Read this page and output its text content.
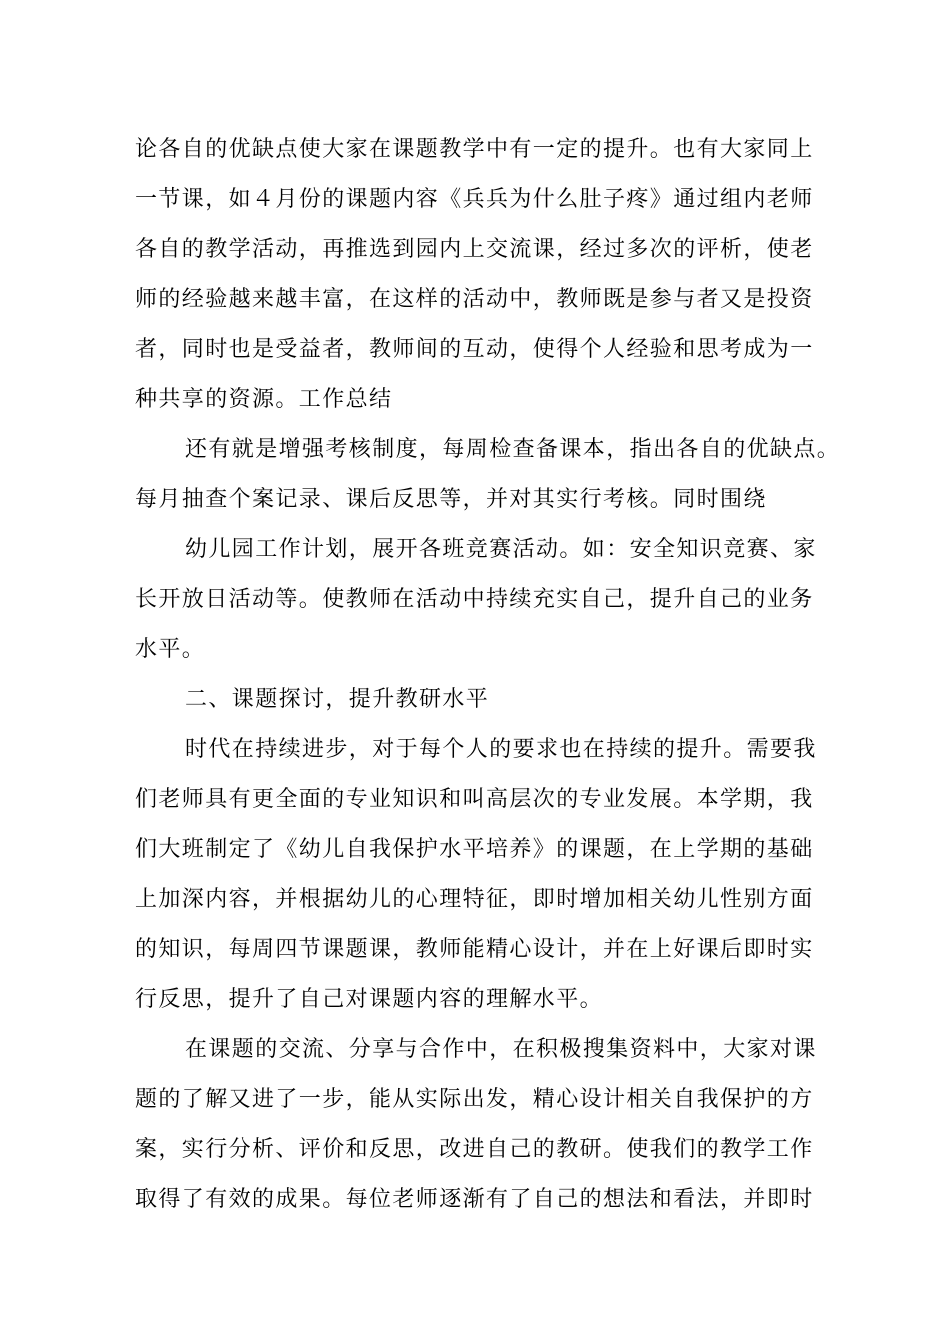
论各自的优缺点使大家在课题教学中有一定的提升。也有大家同上
一节课，如４月份的课题内容《兵兵为什么肚子疼》通过组内老师
各自的教学活动，再推选到园内上交流课，经过多次的评析，使老
师的经验越来越丰富，在这样的活动中，教师既是参与者又是投资
者，同时也是受益者，教师间的互动，使得个人经验和思考成为一
种共享的资源。工作总结
还有就是增强考核制度，每周检查备课本，指出各自的优缺点。
每月抽查个案记录、课后反思等，并对其实行考核。同时围绕
幼儿园工作计划，展开各班竞赛活动。如：安全知识竞赛、家
长开放日活动等。使教师在活动中持续充实自己，提升自己的业务
水平。
二、课题探讨，提升教研水平
时代在持续进步，对于每个人的要求也在持续的提升。需要我
们老师具有更全面的专业知识和叫高层次的专业发展。本学期，我
们大班制定了《幼儿自我保护水平培养》的课题，在上学期的基础
上加深内容，并根据幼儿的心理特征，即时增加相关幼儿性别方面
的知识，每周四节课题课，教师能精心设计，并在上好课后即时实
行反思，提升了自己对课题内容的理解水平。
在课题的交流、分享与合作中，在积极搜集资料中，大家对课
题的了解又进了一步，能从实际出发，精心设计相关自我保护的方
案，实行分析、评价和反思，改进自己的教研。使我们的教学工作
取得了有效的成果。每位老师逐渐有了自己的想法和看法，并即时
